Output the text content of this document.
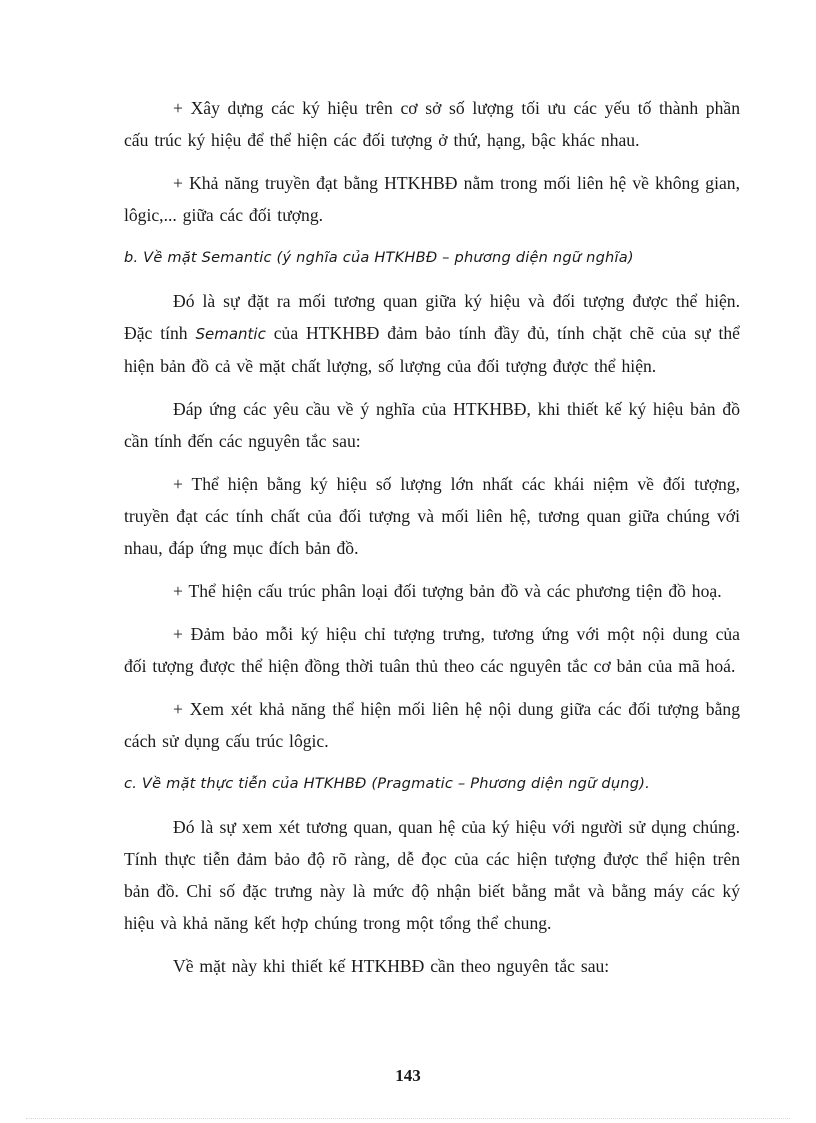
+ Xây dựng các ký hiệu trên cơ sở số lượng tối ưu các yếu tố thành phần cấu trúc ký hiệu để thể hiện các đối tượng ở thứ, hạng, bậc khác nhau.

+ Khả năng truyền đạt bằng HTKHBĐ nằm trong mối liên hệ về không gian, lôgic,... giữa các đối tượng.

b. Về mặt Semantic (ý nghĩa của HTKHBĐ – phương diện ngữ nghĩa)

Đó là sự đặt ra mối tương quan giữa ký hiệu và đối tượng được thể hiện. Đặc tính Semantic của HTKHBĐ đảm bảo tính đầy đủ, tính chặt chẽ của sự thể hiện bản đồ cả về mặt chất lượng, số lượng của đối tượng được thể hiện.

Đáp ứng các yêu cầu về ý nghĩa của HTKHBĐ, khi thiết kế ký hiệu bản đồ cần tính đến các nguyên tắc sau:

+ Thể hiện bằng ký hiệu số lượng lớn nhất các khái niệm về đối tượng, truyền đạt các tính chất của đối tượng và mối liên hệ, tương quan giữa chúng với nhau, đáp ứng mục đích bản đồ.

+ Thể hiện cấu trúc phân loại đối tượng bản đồ và các phương tiện đồ hoạ.

+ Đảm bảo mỗi ký hiệu chỉ tượng trưng, tương ứng với một nội dung của đối tượng được thể hiện đồng thời tuân thủ theo các nguyên tắc cơ bản của mã hoá.

+ Xem xét khả năng thể hiện mối liên hệ nội dung giữa các đối tượng bằng cách sử dụng cấu trúc lôgic.

c. Về mặt thực tiễn của HTKHBĐ (Pragmatic – Phương diện ngữ dụng).

Đó là sự xem xét tương quan, quan hệ của ký hiệu với người sử dụng chúng. Tính thực tiễn đảm bảo độ rõ ràng, dễ đọc của các hiện tượng được thể hiện trên bản đồ. Chỉ số đặc trưng này là mức độ nhận biết bằng mắt và bằng máy các ký hiệu và khả năng kết hợp chúng trong một tổng thể chung.

Về mặt này khi thiết kế HTKHBĐ cần theo nguyên tắc sau:

143
